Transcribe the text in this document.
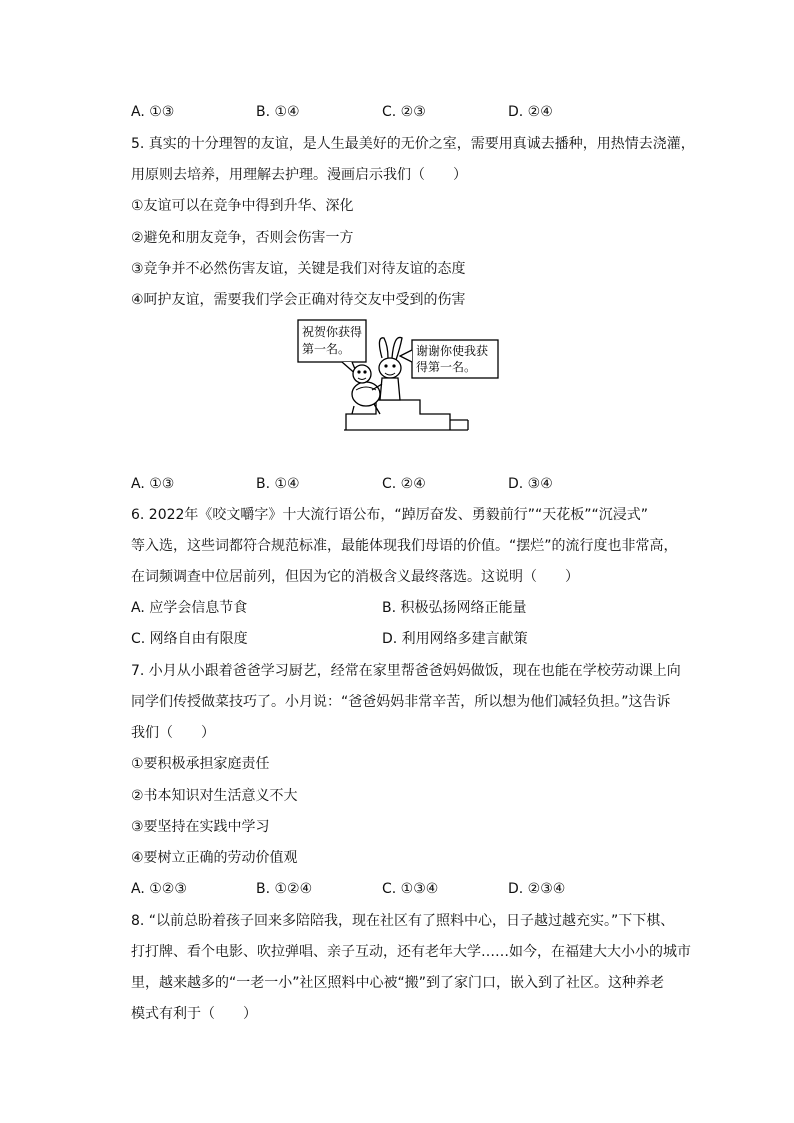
A. ①③	B. ①④	C. ②③	D. ②④
5. 真实的十分理智的友谊，是人生最美好的无价之室，需要用真诚去播种，用热情去浇灌，
用原则去培养，用理解去护理。漫画启示我们（　　）
①友谊可以在竞争中得到升华、深化
②避免和朋友竞争，否则会伤害一方
③竞争并不必然伤害友谊，关键是我们对待友谊的态度
④呵护友谊，需要我们学会正确对待交友中受到的伤害
祝贺你获得
第一名。	谢谢你使我获
得第一名。
A. ①③	B. ①④	C. ②④	D. ③④
6. 2022年《咬文嚼字》十大流行语公布，“踔厉奋发、勇毅前行”“天花板”“沉浸式”
等入选，这些词都符合规范标准，最能体现我们母语的价值。“摆烂”的流行度也非常高，
在词频调查中位居前列，但因为它的消极含义最终落选。这说明（　　）
A. 应学会信息节食	B. 积极弘扬网络正能量
C. 网络自由有限度	D. 利用网络多建言献策
7. 小月从小跟着爸爸学习厨艺，经常在家里帮爸爸妈妈做饭，现在也能在学校劳动课上向
同学们传授做菜技巧了。小月说：“爸爸妈妈非常辛苦，所以想为他们减轻负担。”这告诉
我们（　　）
①要积极承担家庭责任
②书本知识对生活意义不大
③要坚持在实践中学习
④要树立正确的劳动价值观
A. ①②③	B. ①②④	C. ①③④	D. ②③④
8. “以前总盼着孩子回来多陪陪我，现在社区有了照料中心，日子越过越充实。”下下棋、
打打牌、看个电影、吹拉弹唱、亲子互动，还有老年大学……如今，在福建大大小小的城市
里，越来越多的“一老一小”社区照料中心被“搬”到了家门口，嵌入到了社区。这种养老
模式有利于（　　）
